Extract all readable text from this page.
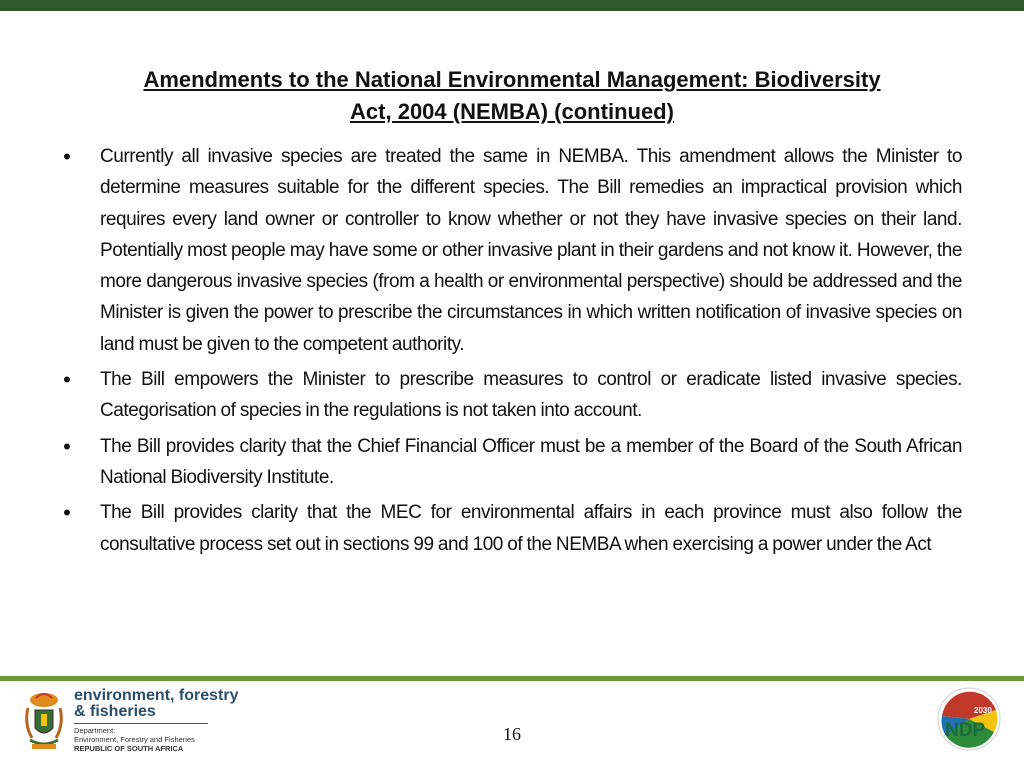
Amendments to the National Environmental Management: Biodiversity
Act, 2004 (NEMBA) (continued)
• Currently all invasive species are treated the same in NEMBA. This amendment allows the Minister to determine measures suitable for the different species. The Bill remedies an impractical provision which requires every land owner or controller to know whether or not they have invasive species on their land. Potentially most people may have some or other invasive plant in their gardens and not know it. However, the more dangerous invasive species (from a health or environmental perspective) should be addressed and the Minister is given the power to prescribe the circumstances in which written notification of invasive species on land must be given to the competent authority.
• The Bill empowers the Minister to prescribe measures to control or eradicate listed invasive species. Categorisation of species in the regulations is not taken into account.
• The Bill provides clarity that the Chief Financial Officer must be a member of the Board of the South African National Biodiversity Institute.
• The Bill provides clarity that the MEC for environmental affairs in each province must also follow the consultative process set out in sections 99 and 100 of the NEMBA when exercising a power under the Act
environment, forestry
& fisheries
Department:
Environment, Forestry and Fisheries
REPUBLIC OF SOUTH AFRICA
16
2030
NDP
